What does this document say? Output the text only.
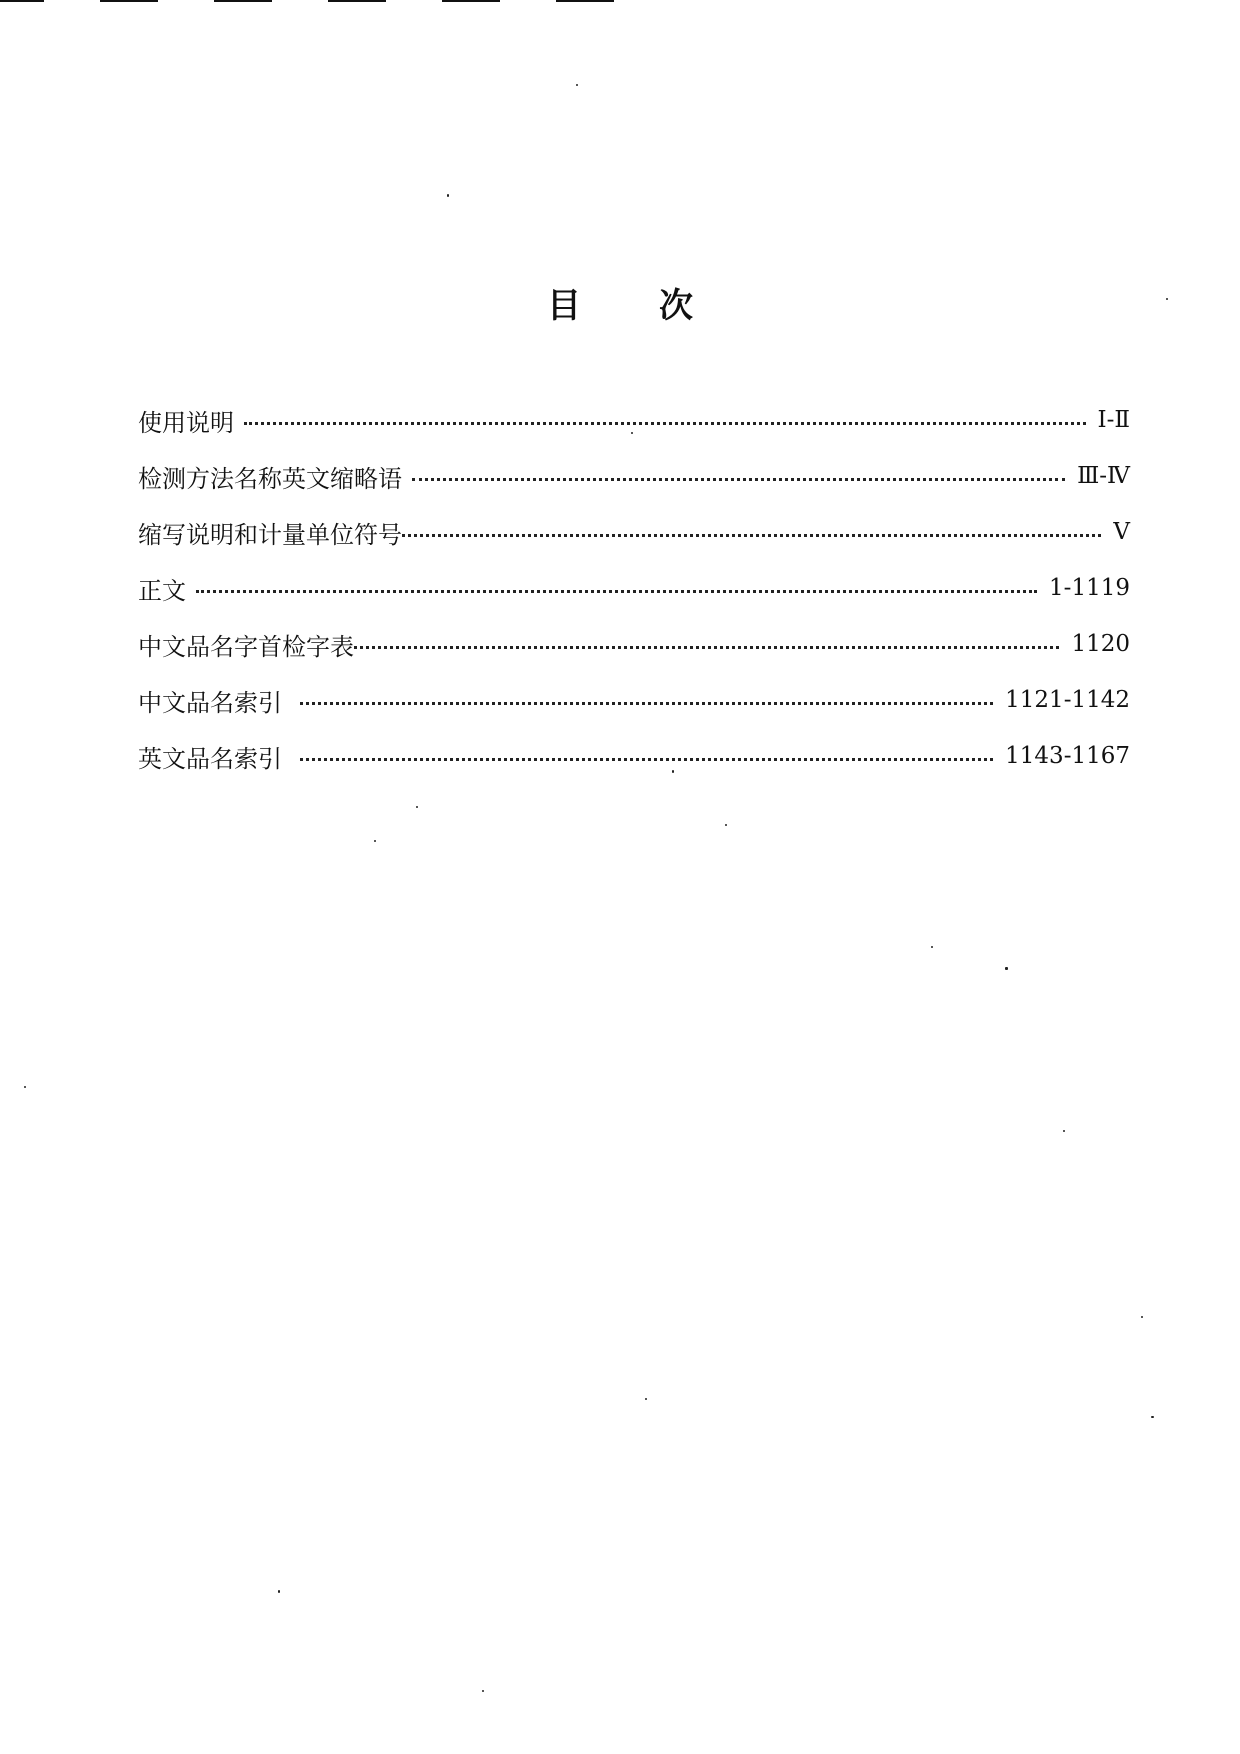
目 次
使用说明	Ⅰ-Ⅱ
检测方法名称英文缩略语	Ⅲ-Ⅳ
缩写说明和计量单位符号	Ⅴ
正文	1-1119
中文品名字首检字表	1120
中文品名索引	1121-1142
英文品名索引	1143-1167
